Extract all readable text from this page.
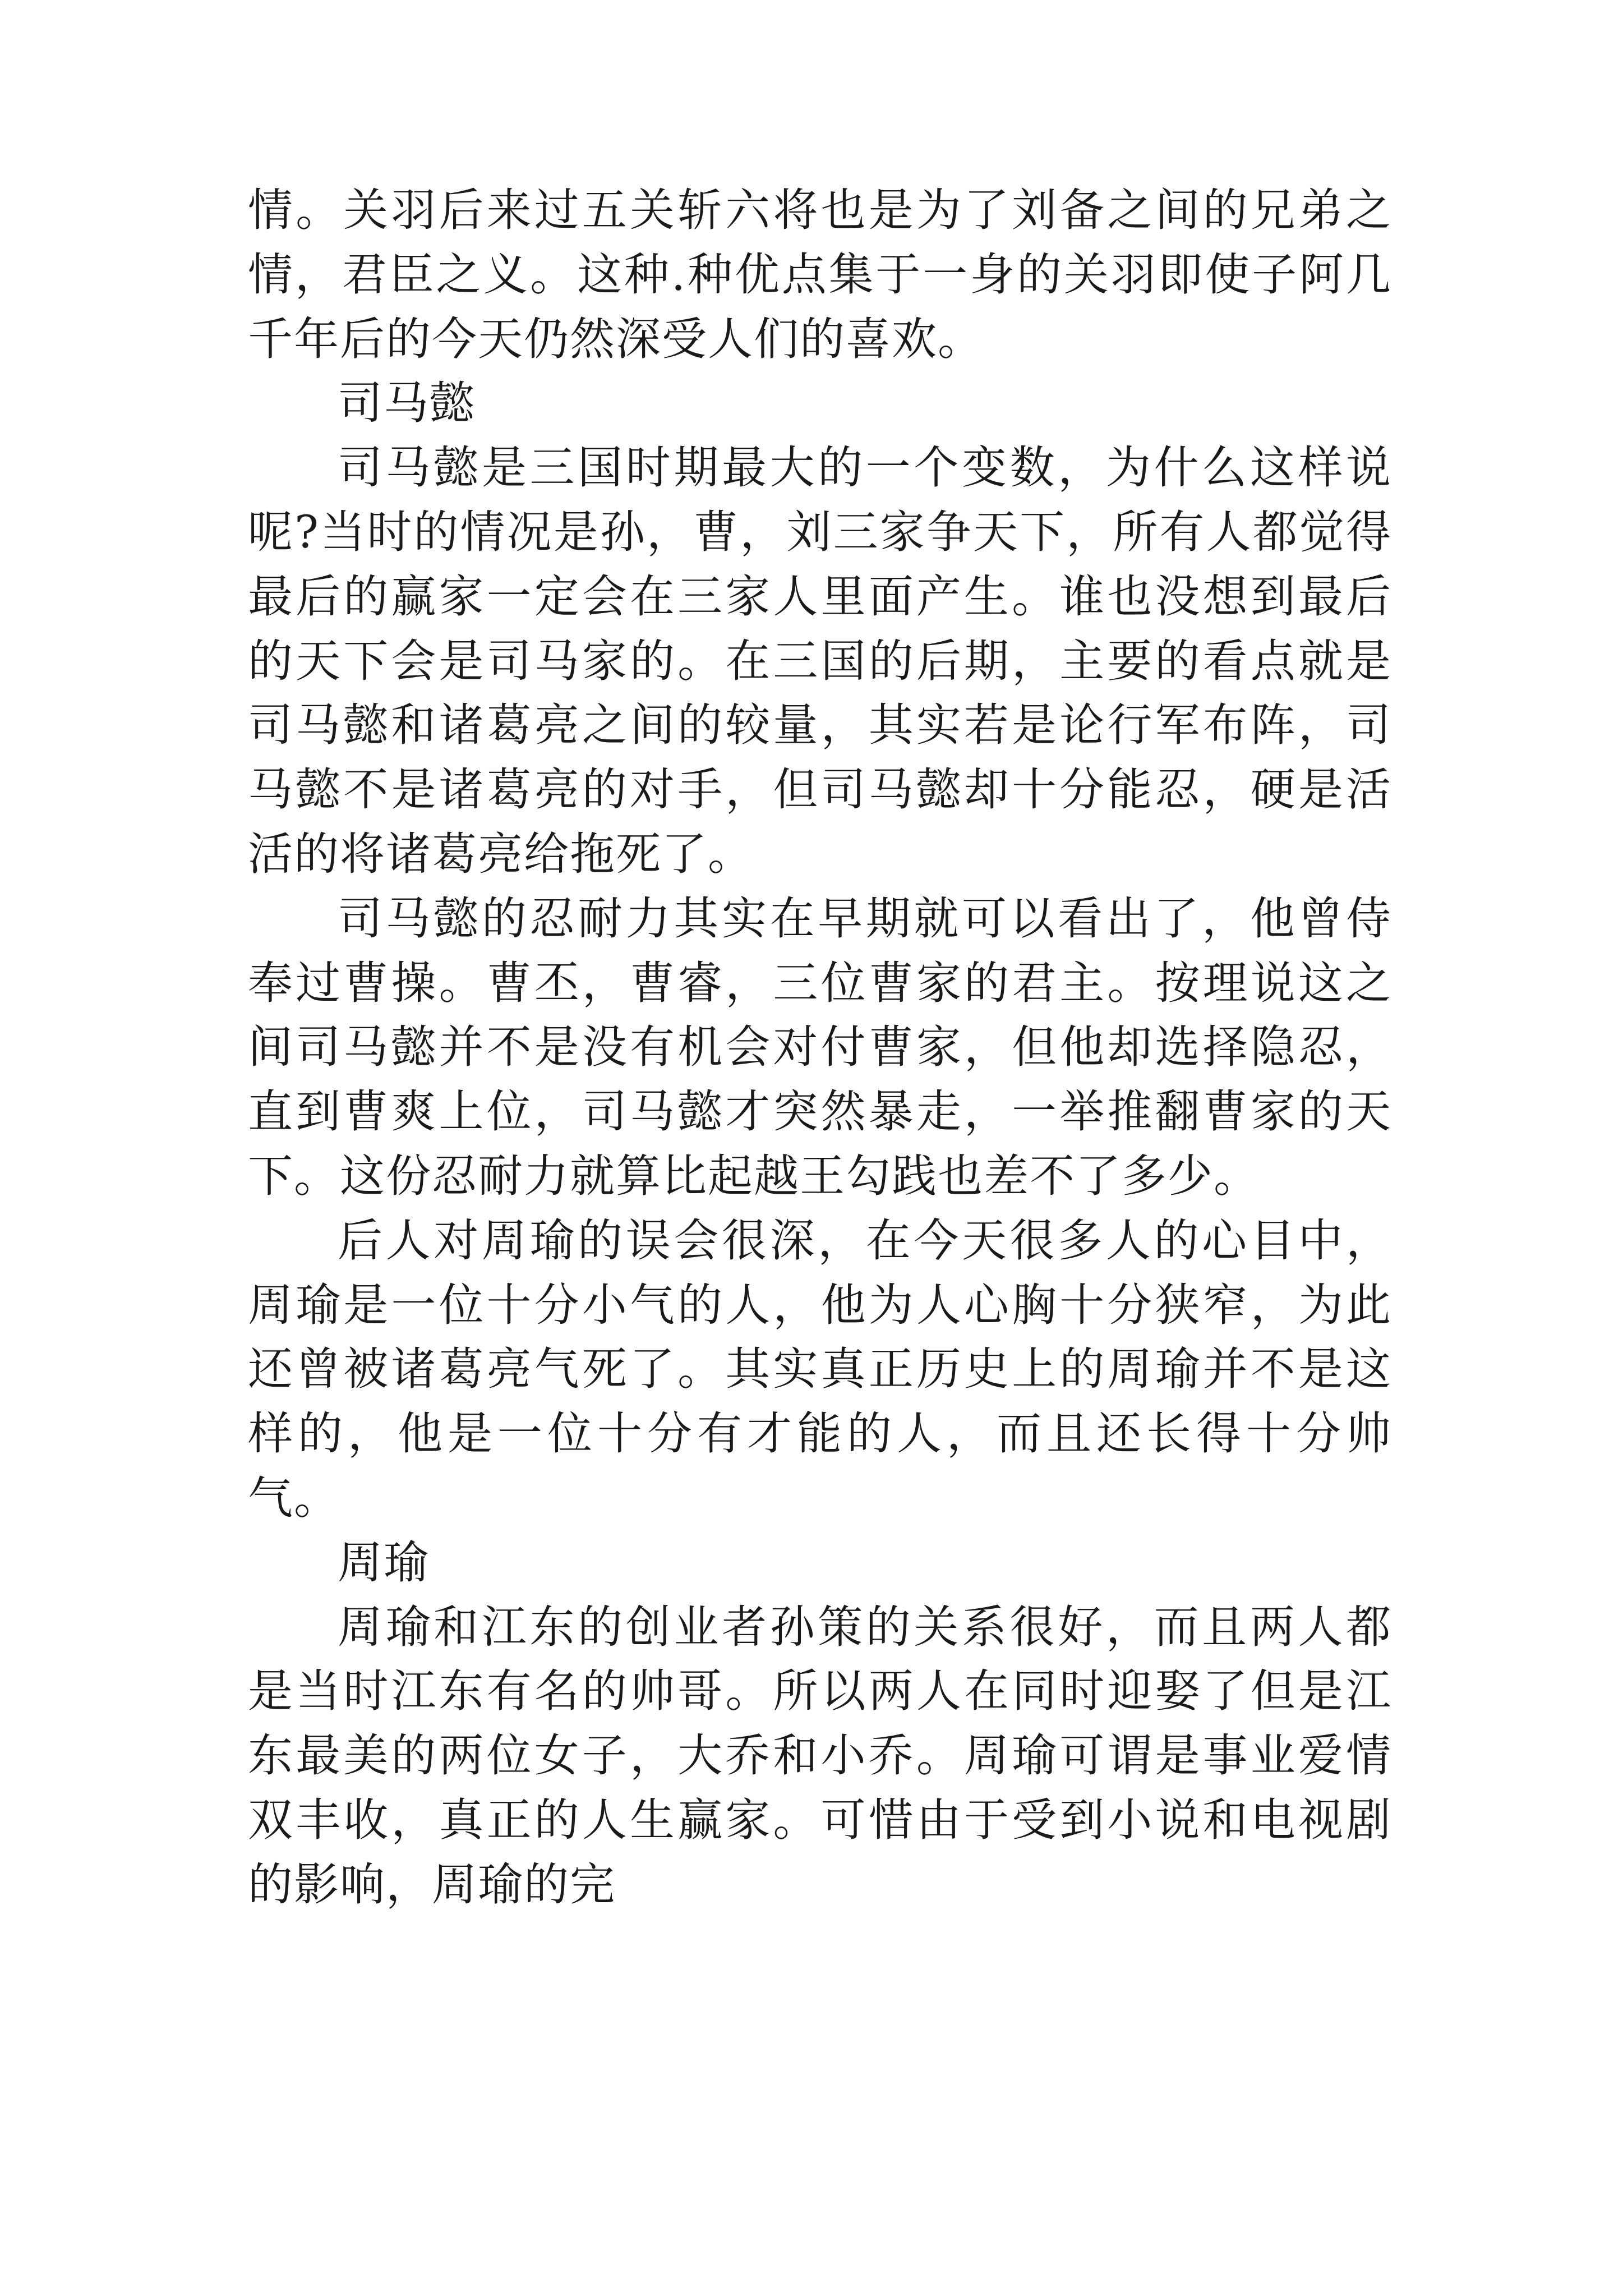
情。关羽后来过五关斩六将也是为了刘备之间的兄弟之情，君臣之义。这种.种优点集于一身的关羽即使子阿几千年后的今天仍然深受人们的喜欢。

司马懿

司马懿是三国时期最大的一个变数，为什么这样说呢?当时的情况是孙，曹，刘三家争天下，所有人都觉得最后的赢家一定会在三家人里面产生。谁也没想到最后的天下会是司马家的。在三国的后期，主要的看点就是司马懿和诸葛亮之间的较量，其实若是论行军布阵，司马懿不是诸葛亮的对手，但司马懿却十分能忍，硬是活活的将诸葛亮给拖死了。

司马懿的忍耐力其实在早期就可以看出了，他曾侍奉过曹操。曹丕，曹睿，三位曹家的君主。按理说这之间司马懿并不是没有机会对付曹家，但他却选择隐忍，直到曹爽上位，司马懿才突然暴走，一举推翻曹家的天下。这份忍耐力就算比起越王勾践也差不了多少。

后人对周瑜的误会很深，在今天很多人的心目中，周瑜是一位十分小气的人，他为人心胸十分狭窄，为此还曾被诸葛亮气死了。其实真正历史上的周瑜并不是这样的，他是一位十分有才能的人，而且还长得十分帅气。

周瑜

周瑜和江东的创业者孙策的关系很好，而且两人都是当时江东有名的帅哥。所以两人在同时迎娶了但是江东最美的两位女子，大乔和小乔。周瑜可谓是事业爱情双丰收，真正的人生赢家。可惜由于受到小说和电视剧的影响，周瑜的完
